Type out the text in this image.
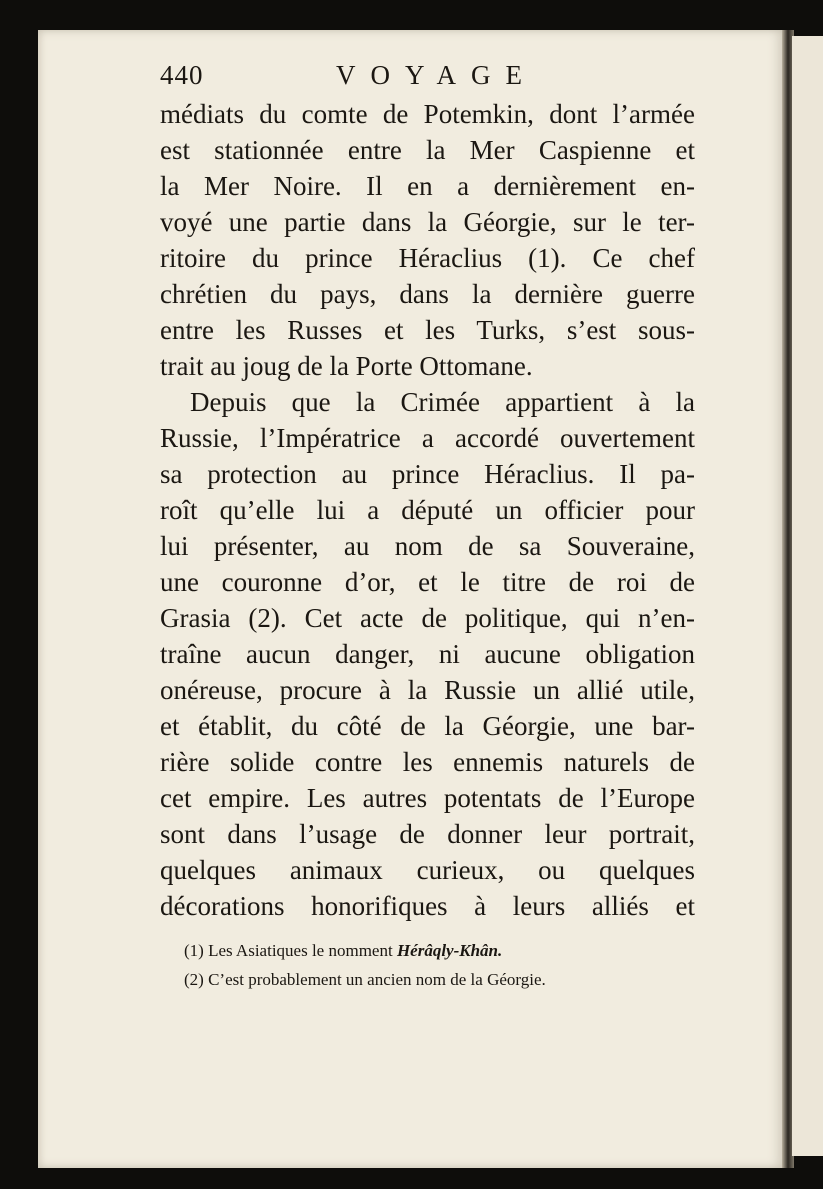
440	VOYAGE
médiats du comte de Potemkin, dont l’armée
est stationnée entre la Mer Caspienne et
la Mer Noire. Il en a dernièrement en-
voyé une partie dans la Géorgie, sur le ter-
ritoire du prince Héraclius (1). Ce chef
chrétien du pays, dans la dernière guerre
entre les Russes et les Turks, s’est sous-
trait au joug de la Porte Ottomane.
Depuis que la Crimée appartient à la
Russie, l’Impératrice a accordé ouvertement
sa protection au prince Héraclius. Il pa-
roît qu’elle lui a député un officier pour
lui présenter, au nom de sa Souveraine,
une couronne d’or, et le titre de roi de
Grasia (2). Cet acte de politique, qui n’en-
traîne aucun danger, ni aucune obligation
onéreuse, procure à la Russie un allié utile,
et établit, du côté de la Géorgie, une bar-
rière solide contre les ennemis naturels de
cet empire. Les autres potentats de l’Europe
sont dans l’usage de donner leur portrait,
quelques animaux curieux, ou quelques
décorations honorifiques à leurs alliés et
(1) Les Asiatiques le nomment Hérâqly-Khân.
(2) C’est probablement un ancien nom de la Géorgie.
